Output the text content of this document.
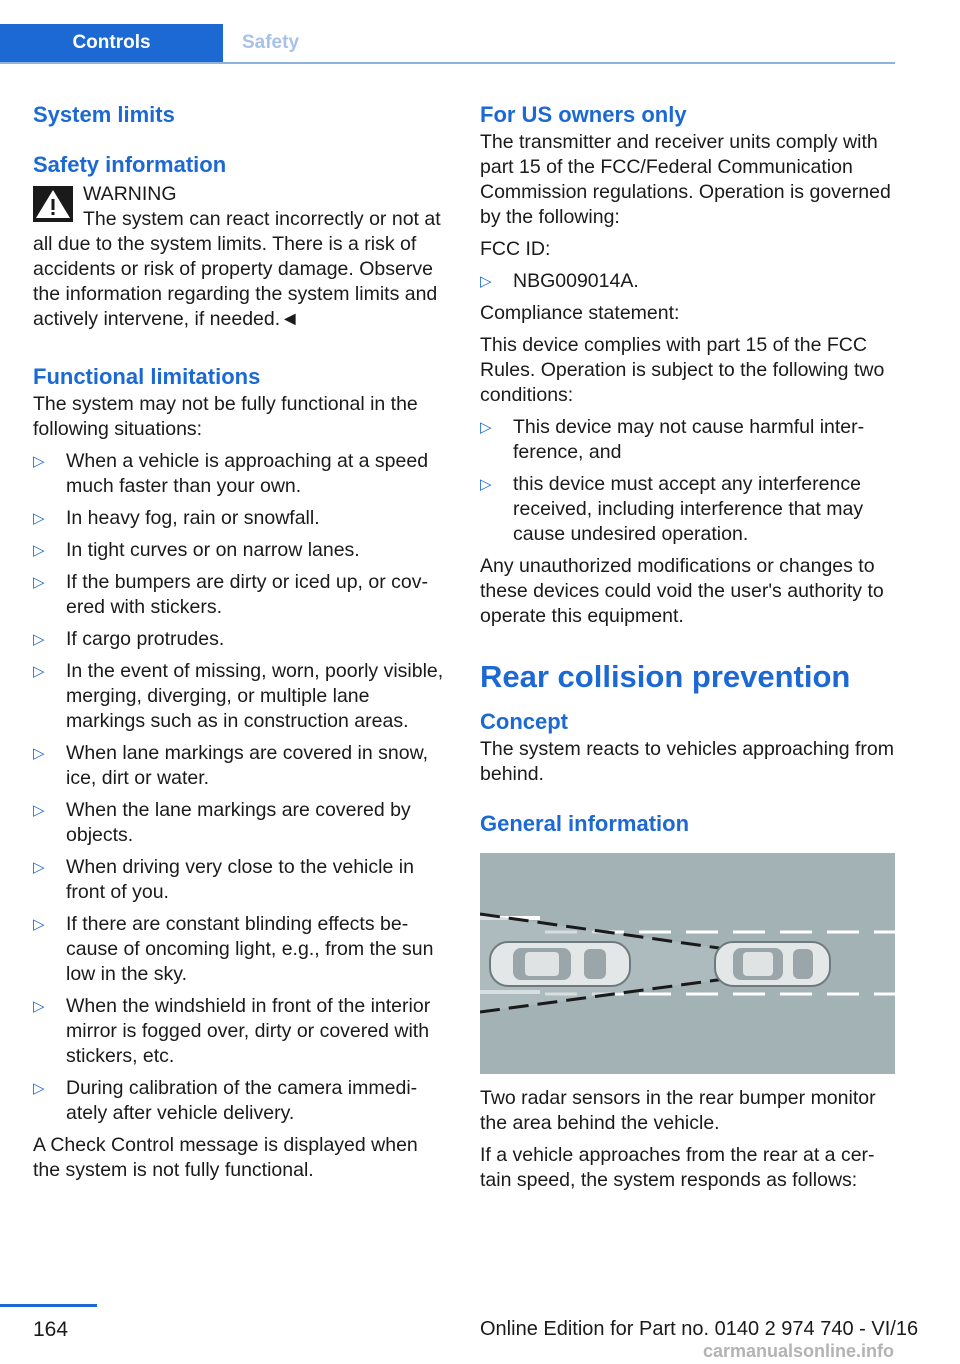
Controls	Safety
System limits
Safety information
WARNING

The system can react incorrectly or not at all due to the system limits. There is a risk of accidents or risk of property damage. Observe the information regarding the system limits and actively intervene, if needed.◄

Functional limitations

The system may not be fully functional in the following situations:

▷ When a vehicle is approaching at a speed much faster than your own.
▷ In heavy fog, rain or snowfall.
▷ In tight curves or on narrow lanes.
▷ If the bumpers are dirty or iced up, or covered with stickers.
▷ If cargo protrudes.
▷ In the event of missing, worn, poorly visible, merging, diverging, or multiple lane markings such as in construction areas.
▷ When lane markings are covered in snow, ice, dirt or water.
▷ When the lane markings are covered by objects.
▷ When driving very close to the vehicle in front of you.
▷ If there are constant blinding effects because of oncoming light, e.g., from the sun low in the sky.
▷ When the windshield in front of the interior mirror is fogged over, dirty or covered with stickers, etc.
▷ During calibration of the camera immediately after vehicle delivery.

A Check Control message is displayed when the system is not fully functional.

For US owners only

The transmitter and receiver units comply with part 15 of the FCC/Federal Communication Commission regulations. Operation is governed by the following:

FCC ID:

▷ NBG009014A.

Compliance statement:

This device complies with part 15 of the FCC Rules. Operation is subject to the following two conditions:

▷ This device may not cause harmful interference, and
▷ this device must accept any interference received, including interference that may cause undesired operation.

Any unauthorized modifications or changes to these devices could void the user's authority to operate this equipment.

Rear collision prevention
Concept

The system reacts to vehicles approaching from behind.

General information

Two radar sensors in the rear bumper monitor the area behind the vehicle.

If a vehicle approaches from the rear at a certain speed, the system responds as follows:

164	Online Edition for Part no. 0140 2 974 740 - VI/16
carmanualsonline.info
